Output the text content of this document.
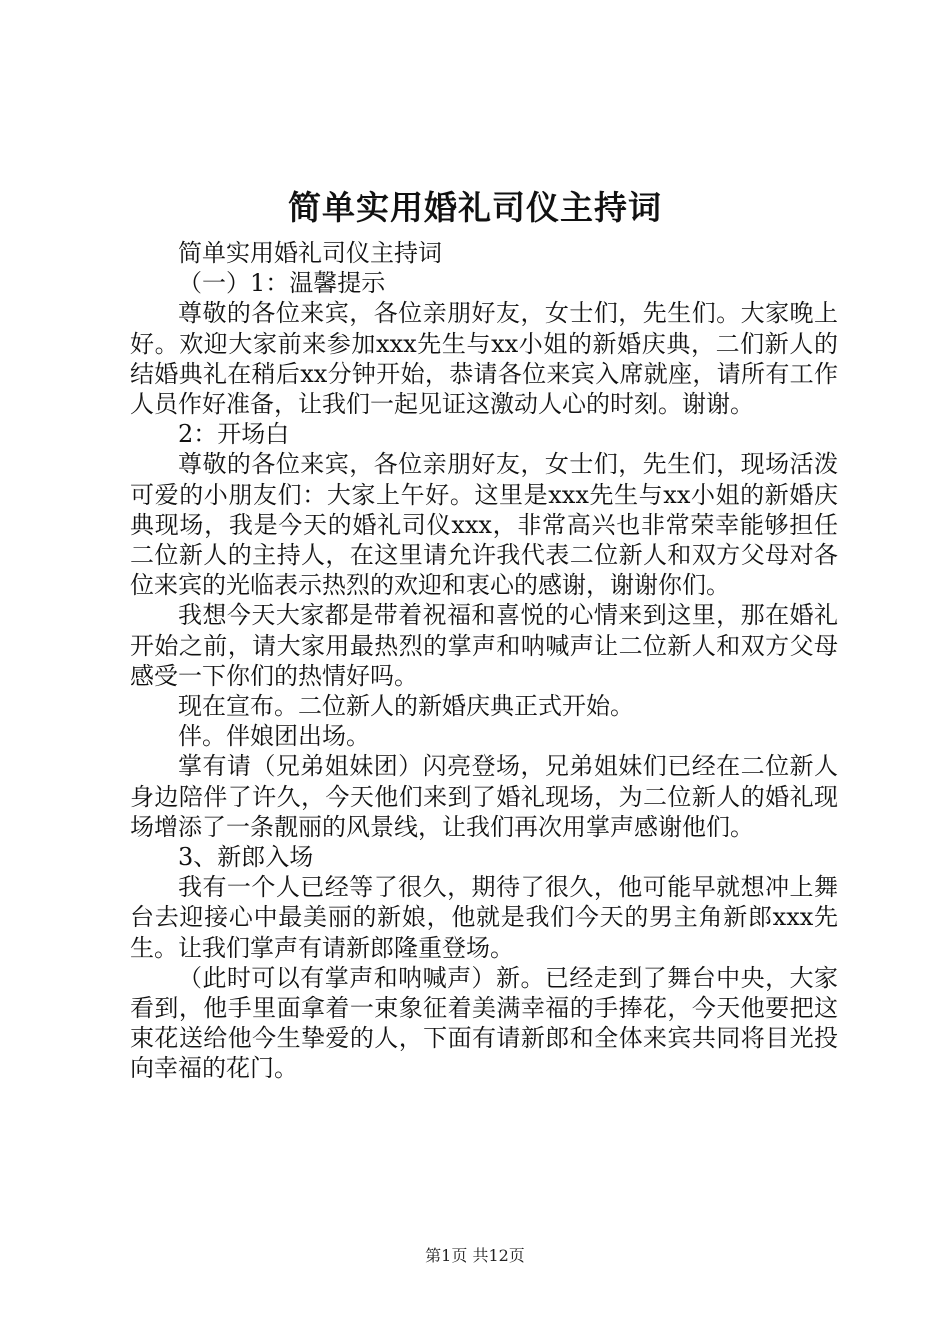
简单实用婚礼司仪主持词

简单实用婚礼司仪主持词

（一）1：温馨提示

尊敬的各位来宾，各位亲朋好友，女士们，先生们。大家晚上好。欢迎大家前来参加xxx先生与xx小姐的新婚庆典，二们新人的结婚典礼在稍后xx分钟开始，恭请各位来宾入席就座，请所有工作人员作好准备，让我们一起见证这激动人心的时刻。谢谢。

2：开场白

尊敬的各位来宾，各位亲朋好友，女士们，先生们，现场活泼可爱的小朋友们：大家上午好。这里是xxx先生与xx小姐的新婚庆典现场，我是今天的婚礼司仪xxx，非常高兴也非常荣幸能够担任二位新人的主持人，在这里请允许我代表二位新人和双方父母对各位来宾的光临表示热烈的欢迎和衷心的感谢，谢谢你们。

我想今天大家都是带着祝福和喜悦的心情来到这里，那在婚礼开始之前，请大家用最热烈的掌声和呐喊声让二位新人和双方父母感受一下你们的热情好吗。

现在宣布。二位新人的新婚庆典正式开始。

伴。伴娘团出场。

掌有请（兄弟姐妹团）闪亮登场，兄弟姐妹们已经在二位新人身边陪伴了许久，今天他们来到了婚礼现场，为二位新人的婚礼现场增添了一条靓丽的风景线，让我们再次用掌声感谢他们。

3、新郎入场

我有一个人已经等了很久，期待了很久，他可能早就想冲上舞台去迎接心中最美丽的新娘，他就是我们今天的男主角新郎xxx先生。让我们掌声有请新郎隆重登场。

（此时可以有掌声和呐喊声）新。已经走到了舞台中央，大家看到，他手里面拿着一束象征着美满幸福的手捧花，今天他要把这束花送给他今生挚爱的人，下面有请新郎和全体来宾共同将目光投向幸福的花门。

第1页 共12页
